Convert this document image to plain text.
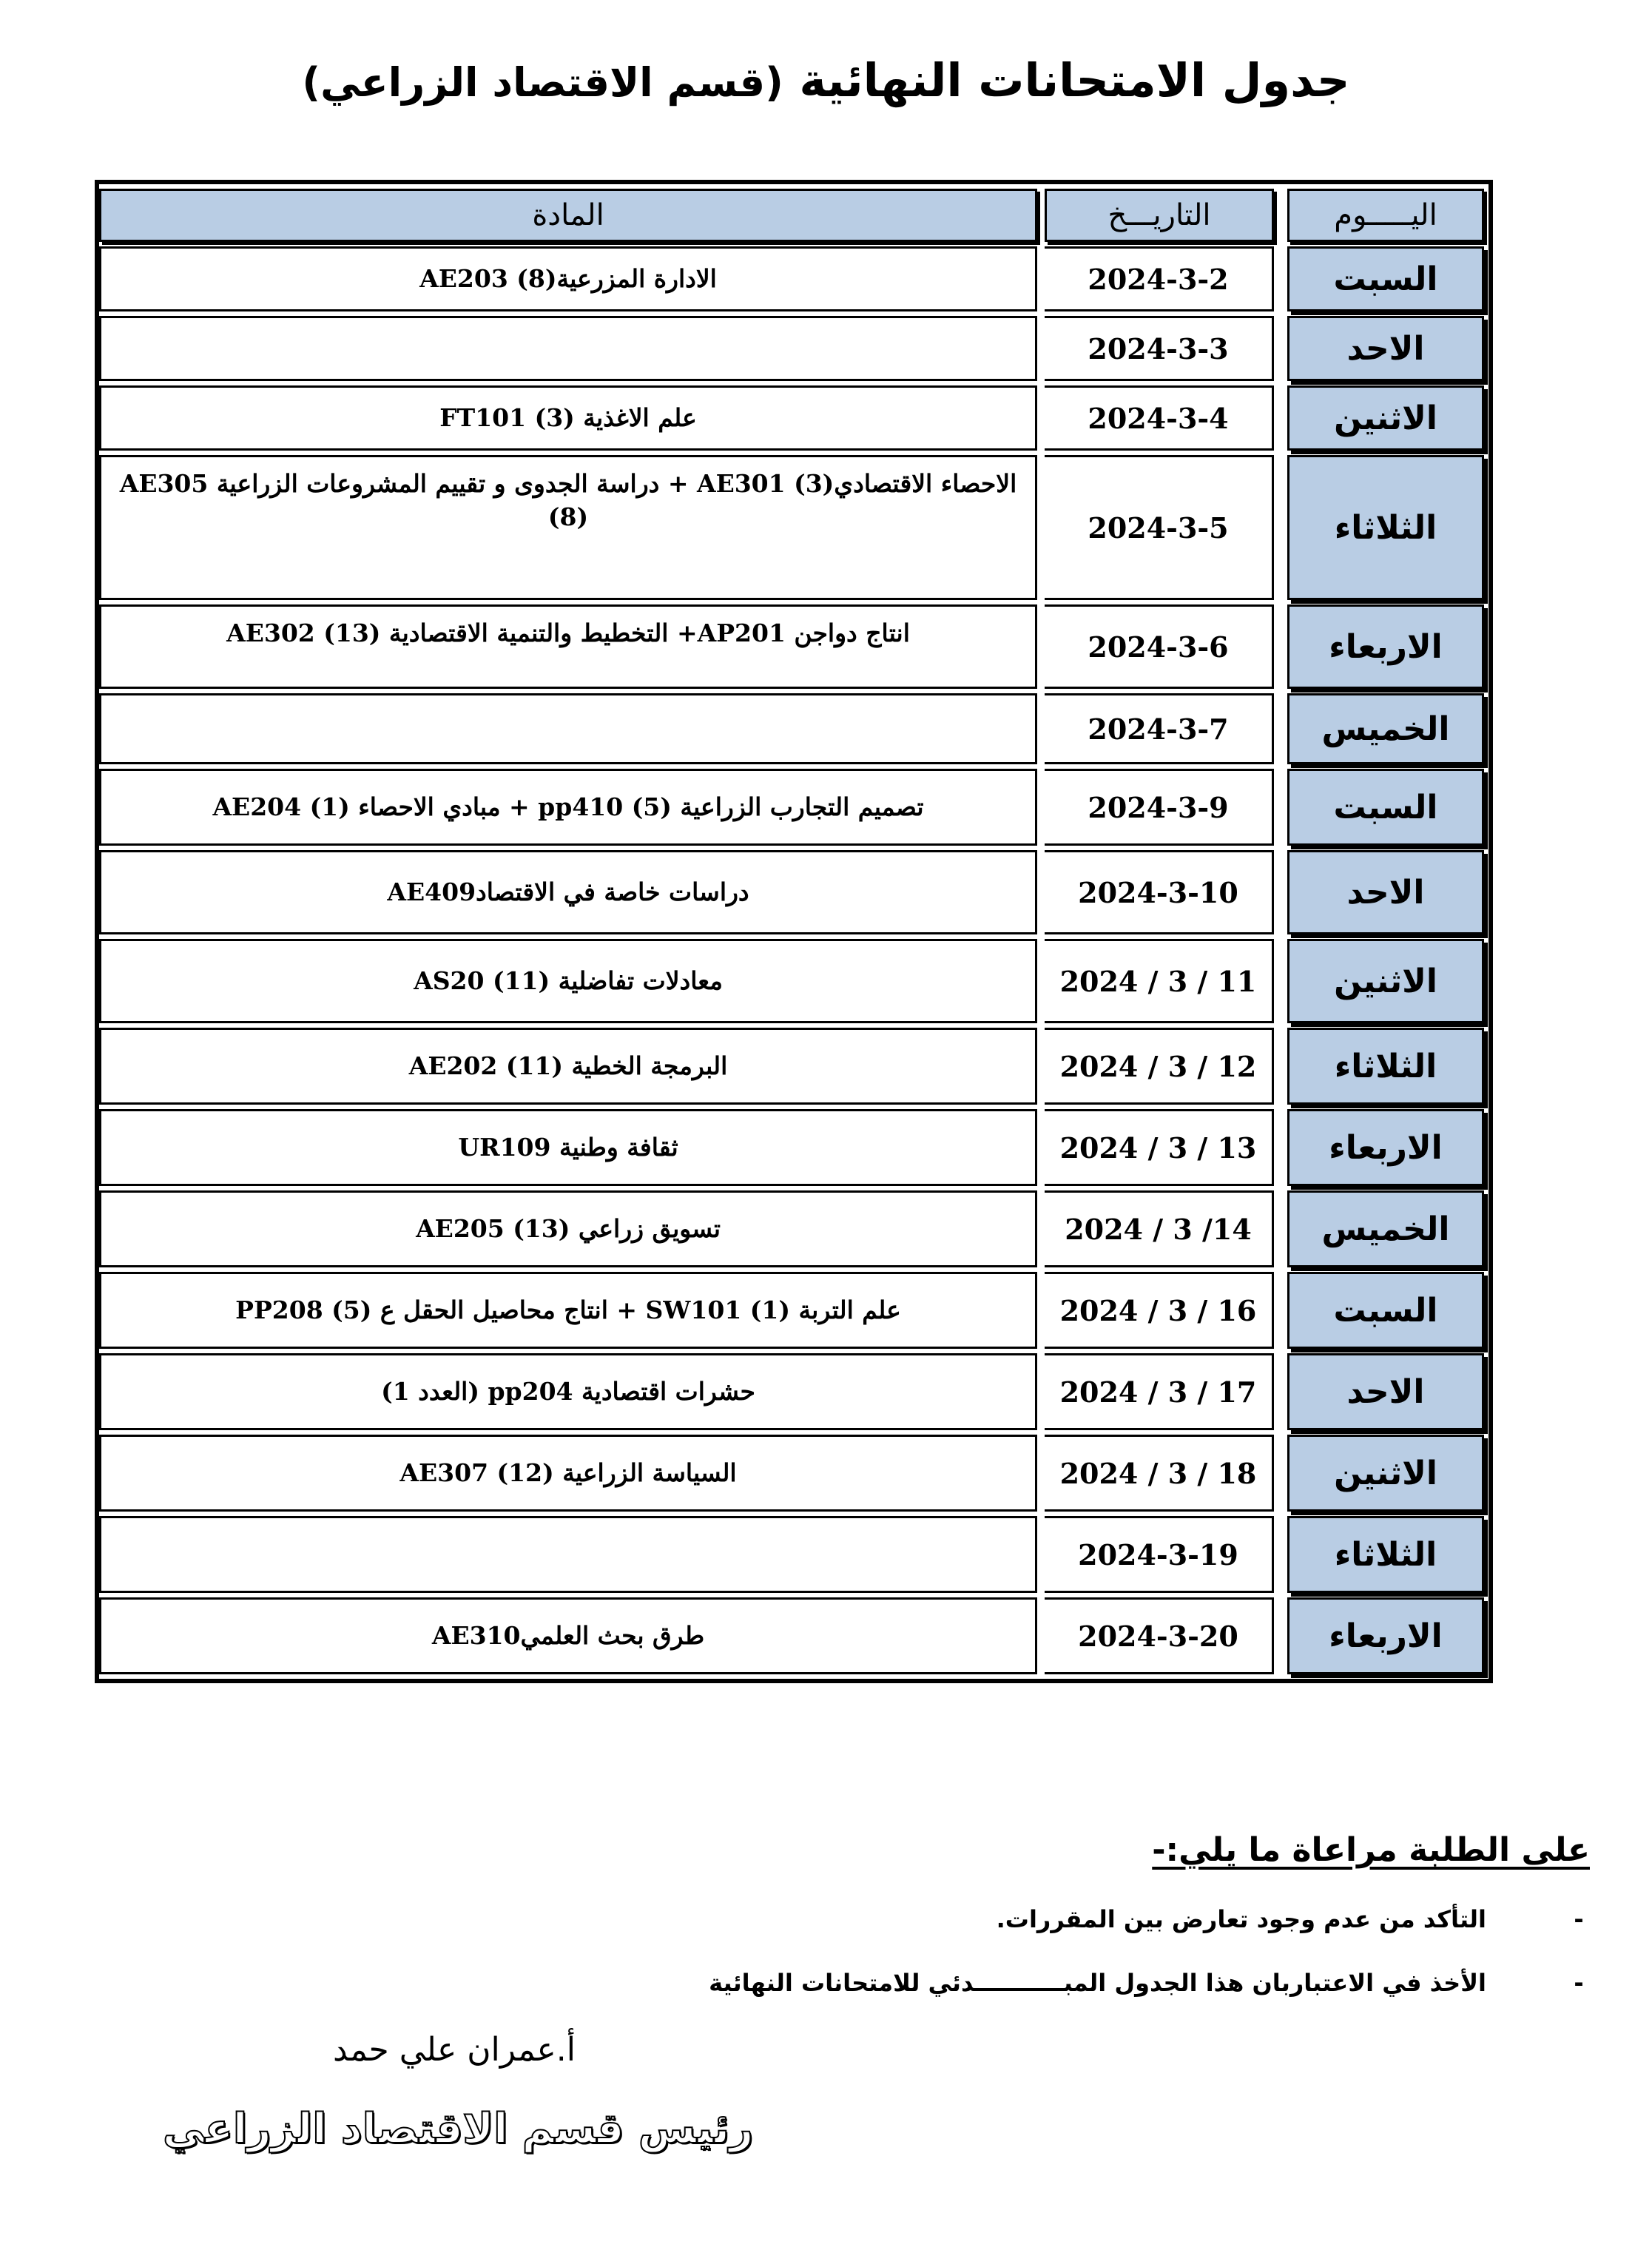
جدول الامتحانات النهائية (قسم الاقتصاد الزراعي)
اليـــــوم	التاريـــخ		المادة

السبت	2024-3-2		الادارة المزرعيةAE203 (8)

الاحد	2024-3-3		

الاثنين	2024-3-4		علم الاغذية FT101 (3)

الثلاثاء	2024-3-5		الاحصاء الاقتصاديAE301 (3) + دراسة الجدوى و تقييم المشروعات الزراعية AE305 (8)

الاربعاء	2024-3-6		انتاج دواجن AP201+ التخطيط والتنمية الاقتصادية AE302 (13)

الخميس	2024-3-7		

السبت	2024-3-9		تصميم التجارب الزراعية pp410 (5) + مبادي الاحصاء AE204 (1)

الاحد	2024-3-10		دراسات خاصة في الاقتصادAE409

الاثنين	2024 / 3 / 11		معادلات تفاضلية AS20 (11)

الثلاثاء	2024 / 3 / 12		البرمجة الخطية AE202 (11)

الاربعاء	2024 / 3 / 13		ثقافة وطنية UR109

الخميس	2024 / 3 /14		تسويق زراعي AE205 (13)

السبت	2024 / 3 / 16		علم التربة SW101 (1) + انتاج محاصيل الحقل ع PP208 (5)

الاحد	2024 / 3 / 17		حشرات اقتصادية pp204 (العدد 1)

الاثنين	2024 / 3 / 18		السياسة الزراعية AE307 (12)

الثلاثاء	2024-3-19		

الاربعاء	2024-3-20		طرق بحث العلميAE310
على الطلبة مراعاة ما يلي:-
-
التأكد من عدم وجود تعارض بين المقررات.
-
الأخذ في الاعتباربان هذا الجدول المبـــــــــــدئي للامتحانات النهائية
أ.عمران علي حمد
رئيس قسم الاقتصاد الزراعي
